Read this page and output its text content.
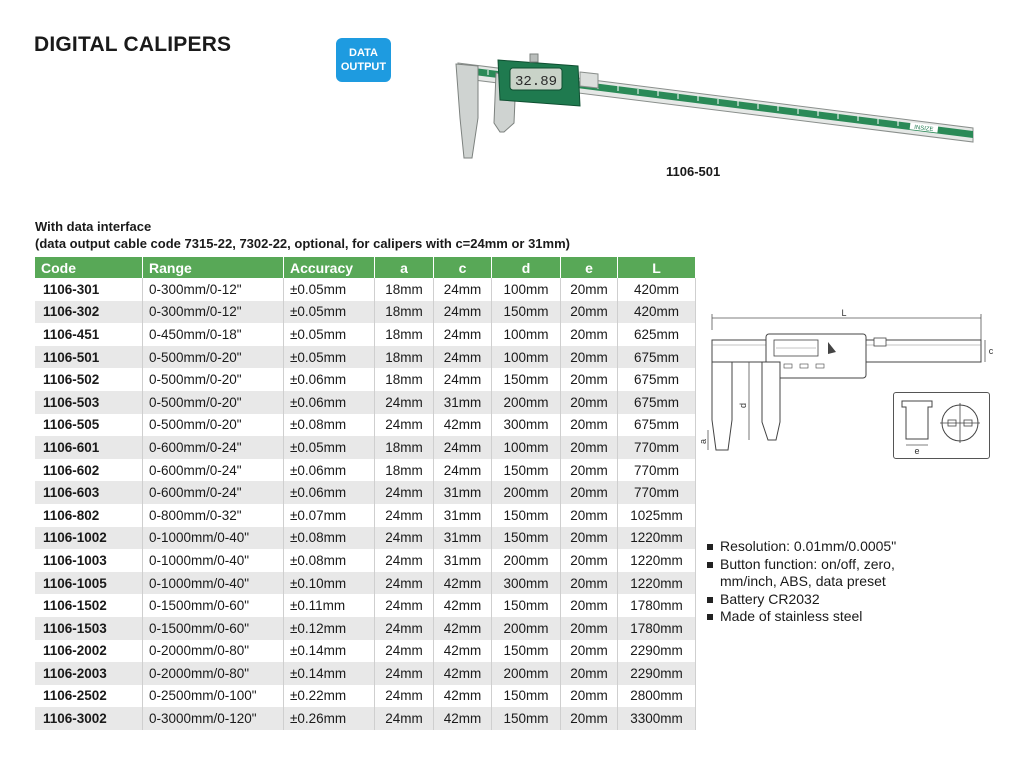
DIGITAL CALIPERS	DATA
OUTPUT
32.89
INSIZE
1106-501
With data interface
(data output cable code 7315-22, 7302-22, optional, for calipers with c=24mm or 31mm)
Code	Range	Accuracy	a	c	d	e	L
1106-301	0-300mm/0-12"	±0.05mm	18mm	24mm	100mm	20mm	420mm
1106-302	0-300mm/0-12"	±0.05mm	18mm	24mm	150mm	20mm	420mm
1106-451	0-450mm/0-18"	±0.05mm	18mm	24mm	100mm	20mm	625mm
1106-501	0-500mm/0-20"	±0.05mm	18mm	24mm	100mm	20mm	675mm
1106-502	0-500mm/0-20"	±0.06mm	18mm	24mm	150mm	20mm	675mm
1106-503	0-500mm/0-20"	±0.06mm	24mm	31mm	200mm	20mm	675mm
1106-505	0-500mm/0-20"	±0.08mm	24mm	42mm	300mm	20mm	675mm
1106-601	0-600mm/0-24"	±0.05mm	18mm	24mm	100mm	20mm	770mm
1106-602	0-600mm/0-24"	±0.06mm	18mm	24mm	150mm	20mm	770mm
1106-603	0-600mm/0-24"	±0.06mm	24mm	31mm	200mm	20mm	770mm
1106-802	0-800mm/0-32"	±0.07mm	24mm	31mm	150mm	20mm	1025mm
1106-1002	0-1000mm/0-40"	±0.08mm	24mm	31mm	150mm	20mm	1220mm
1106-1003	0-1000mm/0-40"	±0.08mm	24mm	31mm	200mm	20mm	1220mm
1106-1005	0-1000mm/0-40"	±0.10mm	24mm	42mm	300mm	20mm	1220mm
1106-1502	0-1500mm/0-60"	±0.11mm	24mm	42mm	150mm	20mm	1780mm
1106-1503	0-1500mm/0-60"	±0.12mm	24mm	42mm	200mm	20mm	1780mm
1106-2002	0-2000mm/0-80"	±0.14mm	24mm	42mm	150mm	20mm	2290mm
1106-2003	0-2000mm/0-80"	±0.14mm	24mm	42mm	200mm	20mm	2290mm
1106-2502	0-2500mm/0-100"	±0.22mm	24mm	42mm	150mm	20mm	2800mm
1106-3002	0-3000mm/0-120"	±0.26mm	24mm	42mm	150mm	20mm	3300mm
L
c
d
a
e
Resolution: 0.01mm/0.0005"
Button function: on/off, zero,
mm/inch, ABS, data preset
Battery CR2032
Made of stainless steel
